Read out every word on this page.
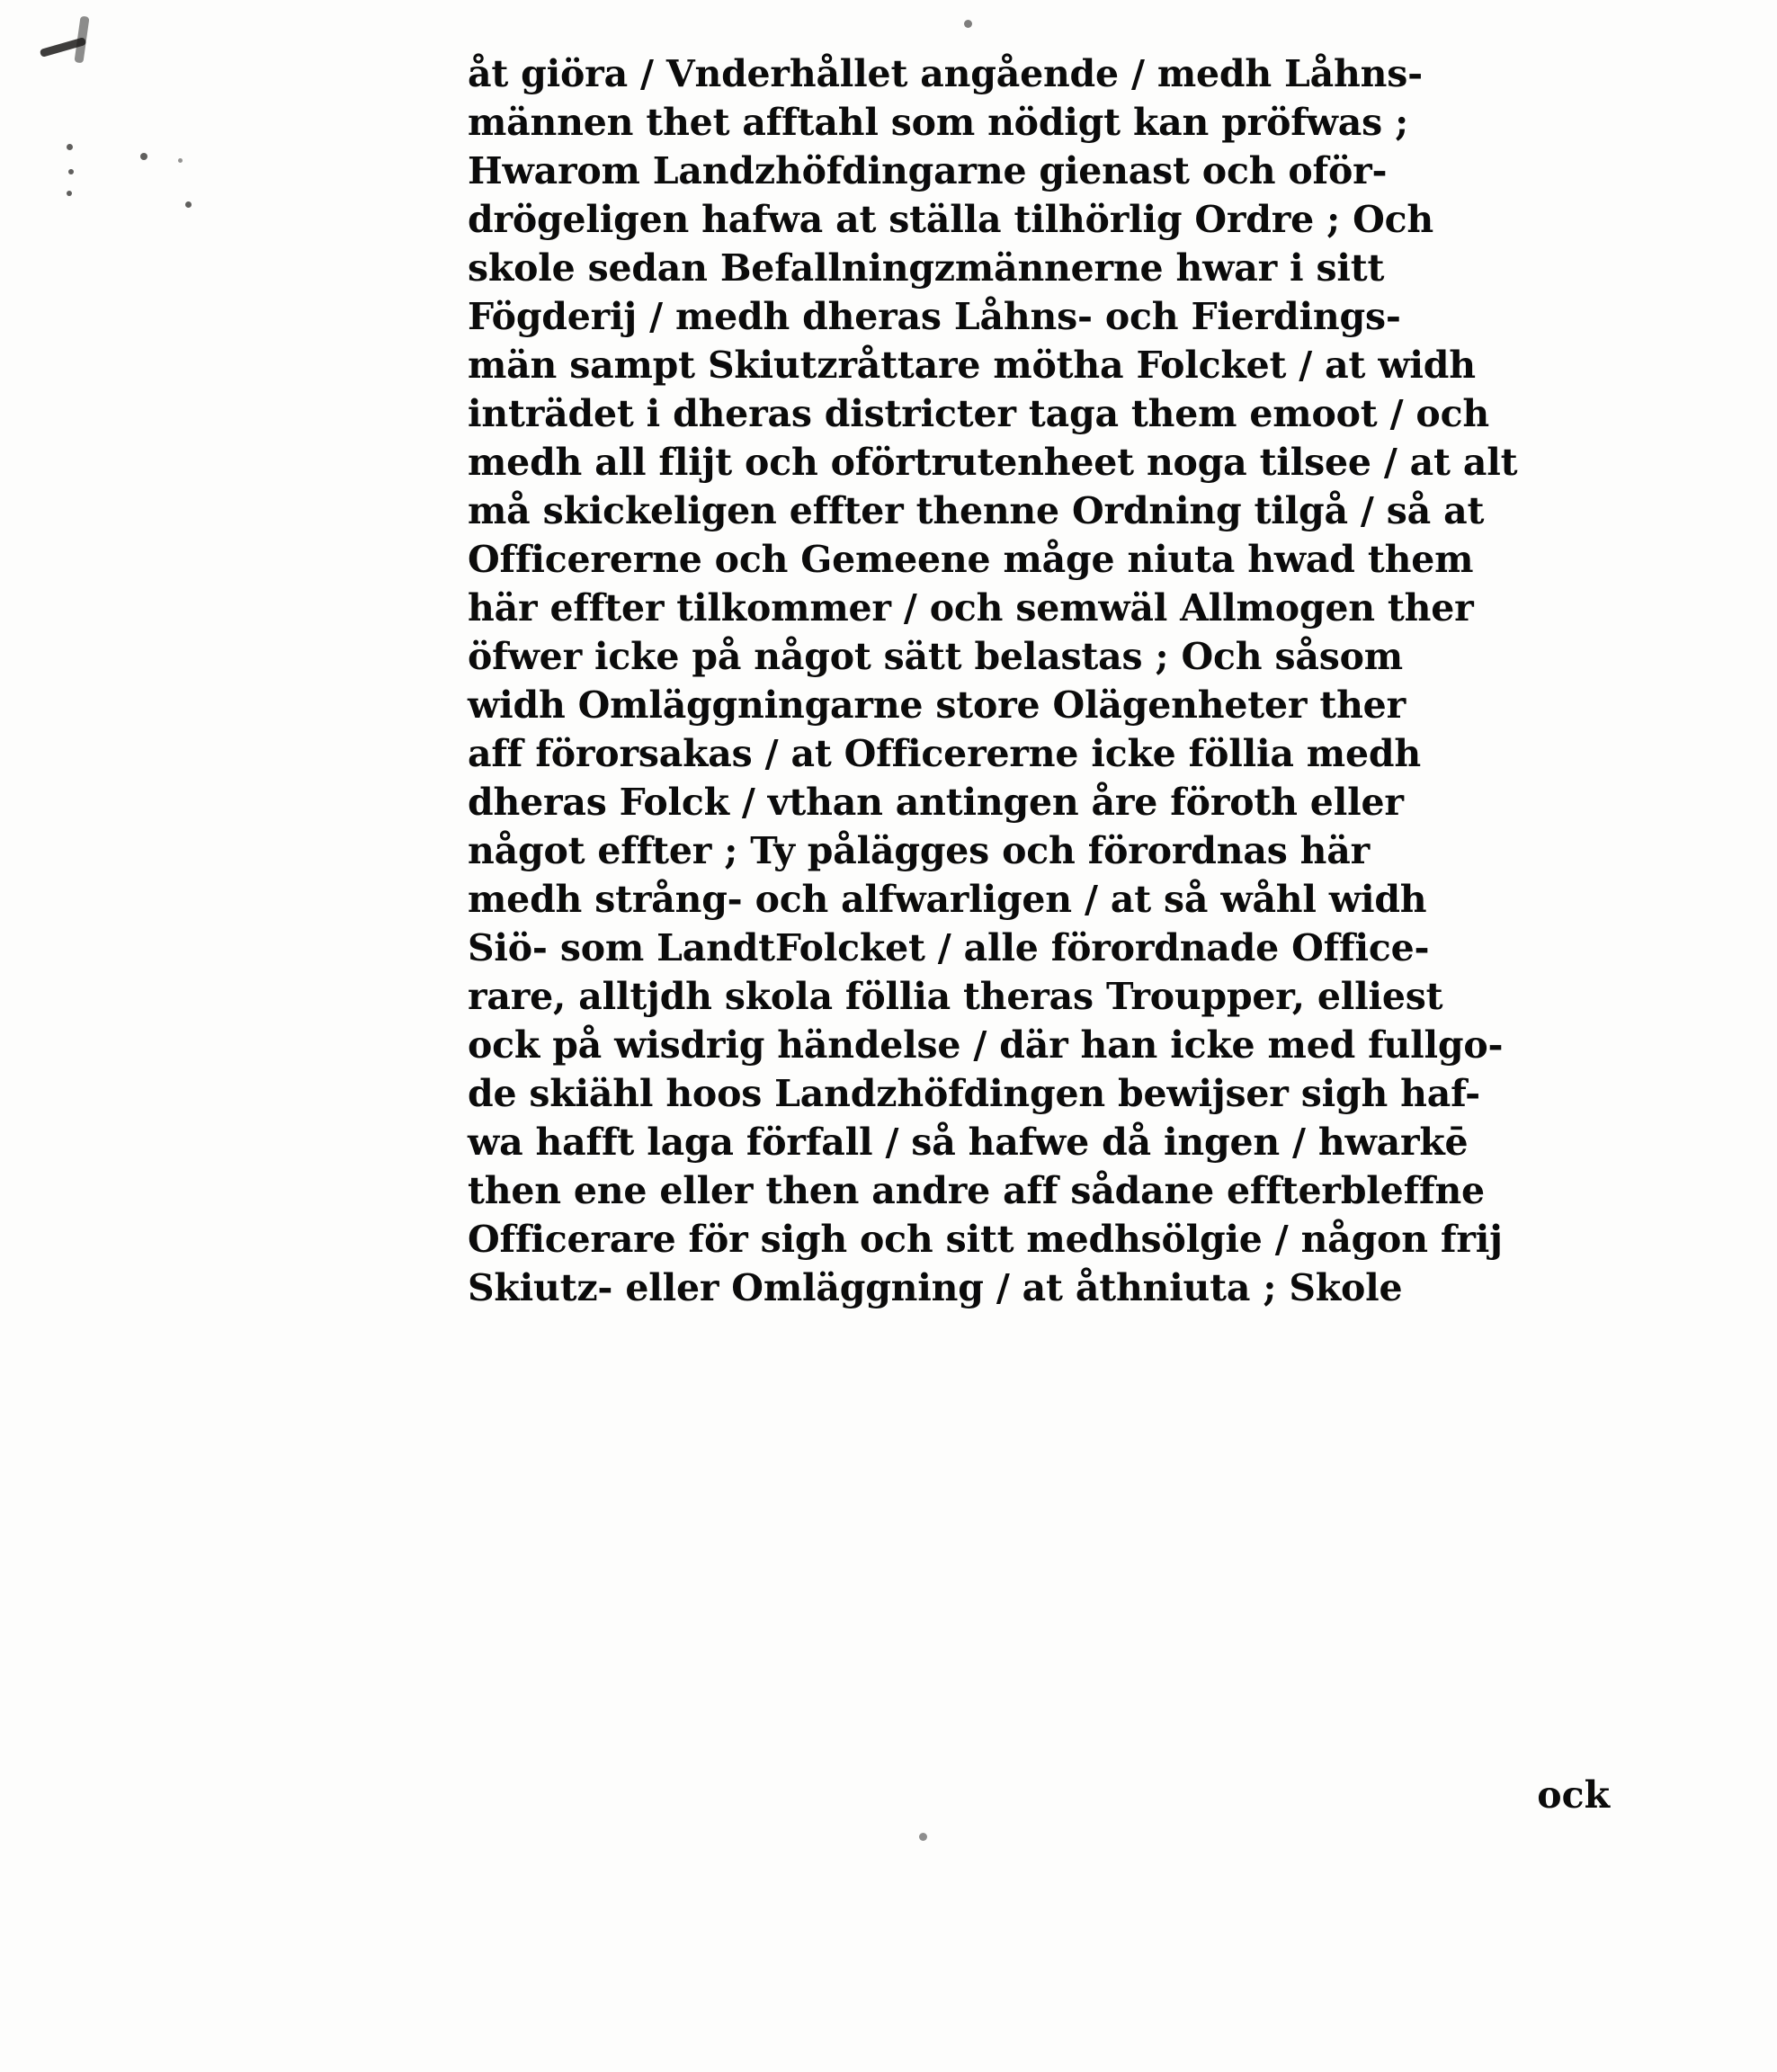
åt giöra / Vnderhållet angående / medh Låhns-
männen thet afftahl som nödigt kan pröfwas ;
Hwarom Landzhöfdingarne gienast och oför-
drögeligen hafwa at ställa tilhörlig Ordre ; Och
skole sedan Befallningzmännerne hwar i sitt
Fögderij / medh dheras Låhns- och Fierdings-
män sampt Skiutzråttare mötha Folcket / at widh
inträdet i dheras districter taga them emoot / och
medh all flijt och oförtrutenheet noga tilsee / at alt
må skickeligen effter thenne Ordning tilgå / så at
Officererne och Gemeene måge niuta hwad them
här effter tilkommer / och semwäl Allmogen ther
öfwer icke på något sätt belastas ; Och såsom
widh Omläggningarne store Olägenheter ther
aff förorsakas / at Officererne icke föllia medh
dheras Folck / vthan antingen åre föroth eller
något effter ; Ty pålägges och förordnas här
medh strång- och alfwarligen / at så wåhl widh
Siö- som LandtFolcket / alle förordnade Office-
rare, alltjdh skola föllia theras Troupper, elliest
ock på wisdrig händelse / där han icke med fullgo-
de skiähl hoos Landzhöfdingen bewijser sigh haf-
wa hafft laga förfall / så hafwe då ingen / hwarkē
then ene eller then andre aff sådane effterbleffne
Officerare för sigh och sitt medhsölgie / någon frij
Skiutz- eller Omläggning / at åthniuta ; Skole
ock
